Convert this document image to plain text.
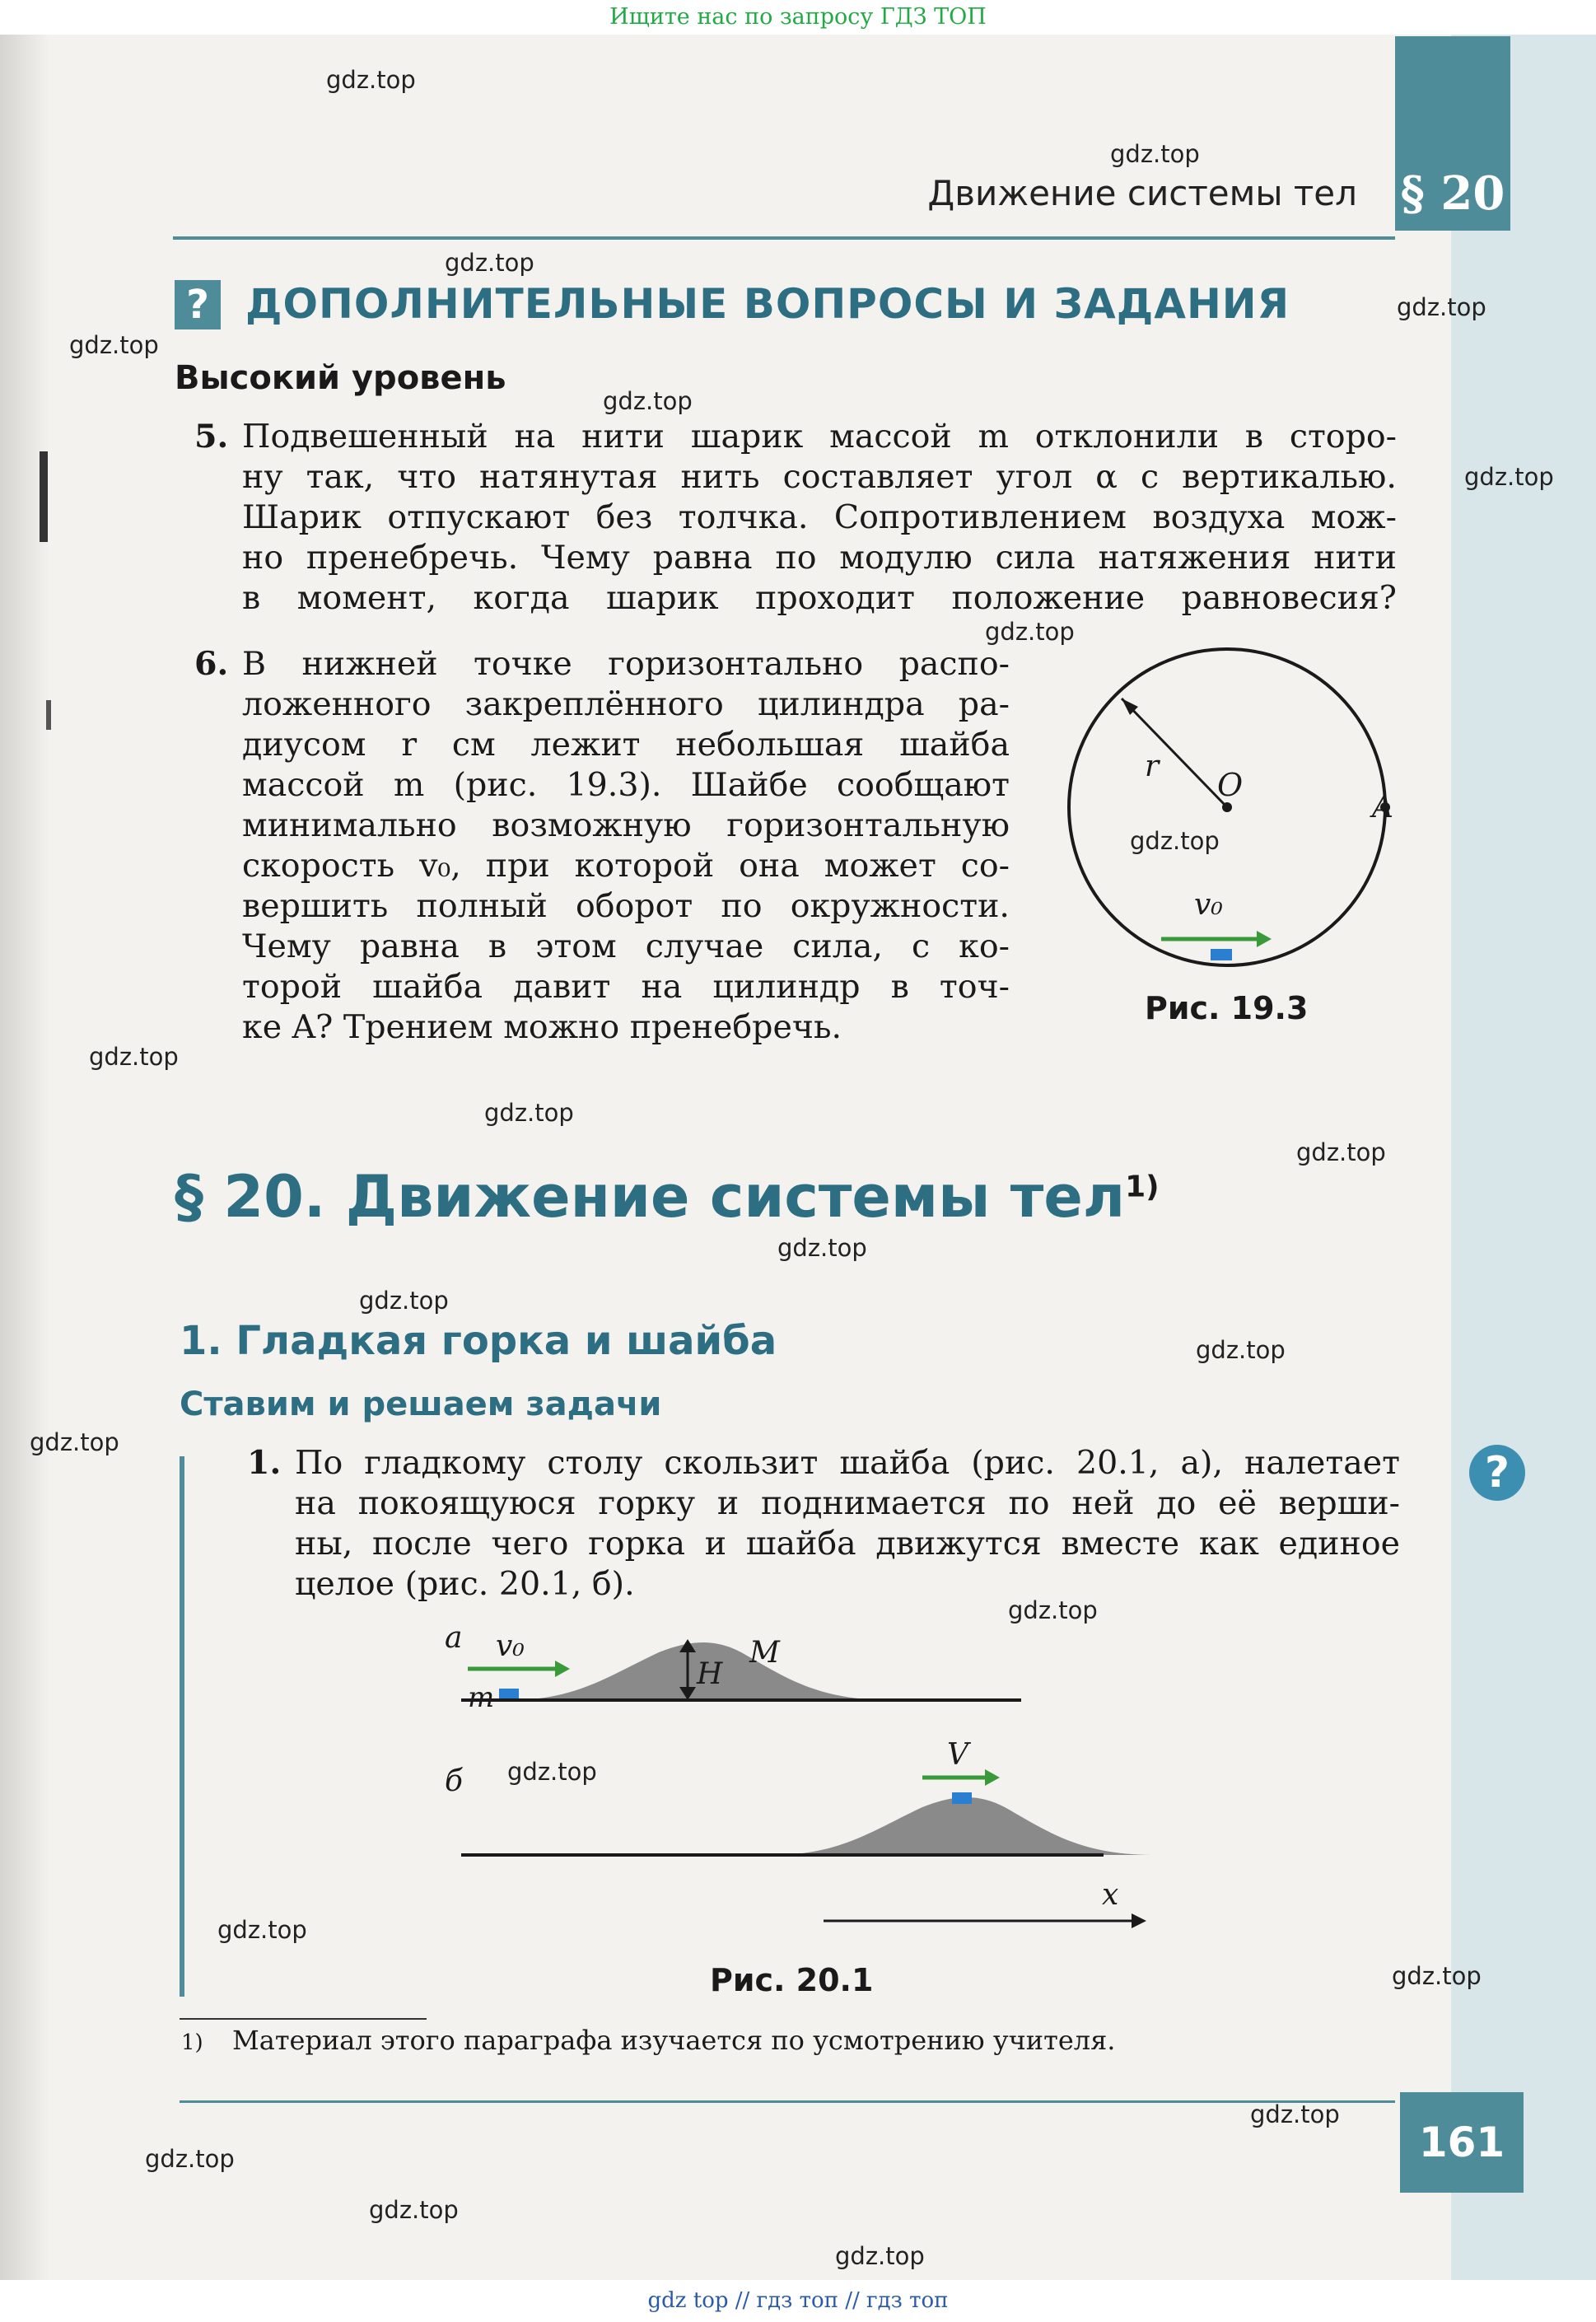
Ищите нас по запросу ГДЗ ТОП
§ 20
Движение системы тел
? ДОПОЛНИТЕЛЬНЫЕ ВОПРОСЫ И ЗАДАНИЯ
Высокий уровень
5. Подвешенный на нити шарик массой m отклонили в сторо-
ну так, что натянутая нить составляет угол α с вертикалью.
Шарик отпускают без толчка. Сопротивлением воздуха мож-
но пренебречь. Чему равна по модулю сила натяжения нити
в момент, когда шарик проходит положение равновесия?
6. В нижней точке горизонтально распо-
ложенного закреплённого цилиндра ра-
диусом r см лежит небольшая шайба
массой m (рис. 19.3). Шайбе сообщают
минимально возможную горизонтальную
скорость v₀, при которой она может со-
вершить полный оборот по окружности.
Чему равна в этом случае сила, с ко-
торой шайба давит на цилиндр в точ-
ке A? Трением можно пренебречь.
r
O
A
v₀
Рис. 19.3
§ 20. Движение системы тел$^{1)}$
1. Гладкая горка и шайба
Ставим и решаем задачи
1. По гладкому столу скользит шайба (рис. 20.1, а), налетает
на покоящуюся горку и поднимается по ней до её верши-
ны, после чего горка и шайба движутся вместе как единое
целое (рис. 20.1, б).
а v₀
m
H
M
б
V
x
Рис. 20.1
1) Материал этого параграфа изучается по усмотрению учителя.
161
?
gdz.top
gdz.top
gdz.top
gdz.top
gdz.top
gdz.top
gdz.top
gdz.top
gdz.top
gdz.top
gdz.top
gdz.top
gdz.top
gdz.top
gdz.top
gdz.top
gdz.top
gdz.top
gdz.top
gdz.top
gdz.top
gdz.top
gdz.top
gdz.top
gdz top // гдз топ // гдз топ
